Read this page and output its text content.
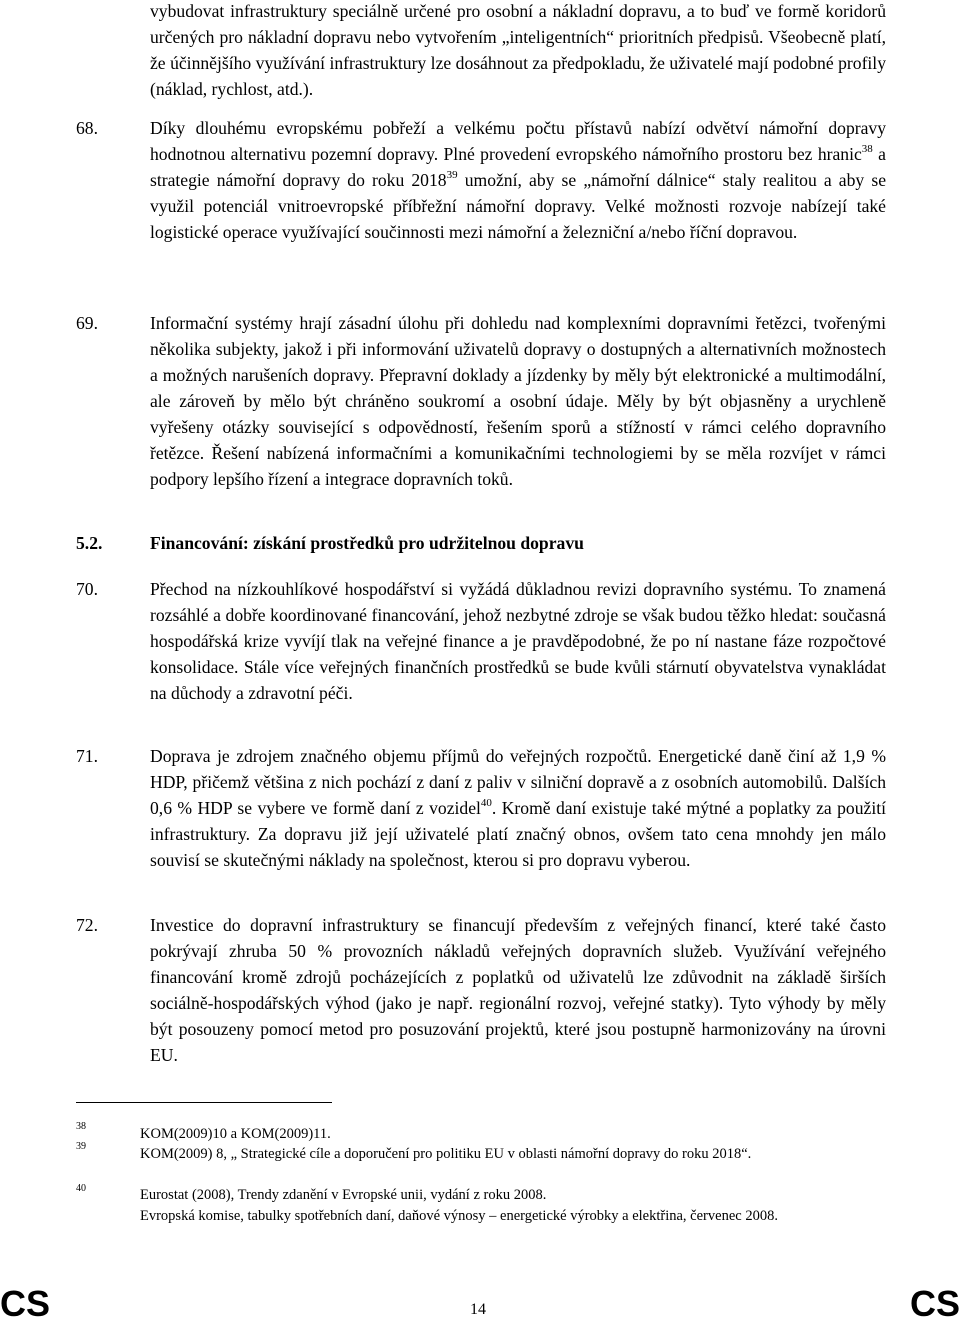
vybudovat infrastruktury speciálně určené pro osobní a nákladní dopravu, a to buď ve formě koridorů určených pro nákladní dopravu nebo vytvořením „inteligentních“ prioritních předpisů. Všeobecně platí, že účinnějšího využívání infrastruktury lze dosáhnout za předpokladu, že uživatelé mají podobné profily (náklad, rychlost, atd.).

68.	Díky dlouhému evropskému pobřeží a velkému počtu přístavů nabízí odvětví námořní dopravy hodnotnou alternativu pozemní dopravy. Plné provedení evropského námořního prostoru bez hranic$^{38}$ a strategie námořní dopravy do roku 2018$^{39}$ umožní, aby se „námořní dálnice“ staly realitou a aby se využil potenciál vnitroevropské příbřežní námořní dopravy. Velké možnosti rozvoje nabízejí také logistické operace využívající součinnosti mezi námořní a železniční a/nebo říční dopravou.

69.	Informační systémy hrají zásadní úlohu při dohledu nad komplexními dopravními řetězci, tvořenými několika subjekty, jakož i při informování uživatelů dopravy o dostupných a alternativních možnostech a možných narušeních dopravy. Přepravní doklady a jízdenky by měly být elektronické a multimodální, ale zároveň by mělo být chráněno soukromí a osobní údaje. Měly by být objasněny a urychleně vyřešeny otázky související s odpovědností, řešením sporů a stížností v rámci celého dopravního řetězce. Řešení nabízená informačními a komunikačními technologiemi by se měla rozvíjet v rámci podpory lepšího řízení a integrace dopravních toků.

5.2.	Financování: získání prostředků pro udržitelnou dopravu
70.	Přechod na nízkouhlíkové hospodářství si vyžádá důkladnou revizi dopravního systému. To znamená rozsáhlé a dobře koordinované financování, jehož nezbytné zdroje se však budou těžko hledat: současná hospodářská krize vyvíjí tlak na veřejné finance a je pravděpodobné, že po ní nastane fáze rozpočtové konsolidace. Stále více veřejných finančních prostředků se bude kvůli stárnutí obyvatelstva vynakládat na důchody a zdravotní péči.

71.	Doprava je zdrojem značného objemu příjmů do veřejných rozpočtů. Energetické daně činí až 1,9 % HDP, přičemž většina z nich pochází z daní z paliv v silniční dopravě a z osobních automobilů. Dalších 0,6 % HDP se vybere ve formě daní z vozidel$^{40}$. Kromě daní existuje také mýtné a poplatky za použití infrastruktury. Za dopravu již její uživatelé platí značný obnos, ovšem tato cena mnohdy jen málo souvisí se skutečnými náklady na společnost, kterou si pro dopravu vyberou.

72.	Investice do dopravní infrastruktury se financují především z veřejných financí, které také často pokrývají zhruba 50 % provozních nákladů veřejných dopravních služeb. Využívání veřejného financování kromě zdrojů pocházejících z poplatků od uživatelů lze zdůvodnit na základě širších sociálně-hospodářských výhod (jako je např. regionální rozvoj, veřejné statky). Tyto výhody by měly být posouzeny pomocí metod pro posuzování projektů, které jsou postupně harmonizovány na úrovni EU.

38	KOM(2009)10 a KOM(2009)11.

39	KOM(2009) 8, „ Strategické cíle a doporučení pro politiku EU v oblasti námořní dopravy do roku 2018“.

40	Eurostat (2008), Trendy zdanění v Evropské unii, vydání z roku 2008.

Evropská komise, tabulky spotřebních daní, daňové výnosy – energetické výrobky a elektřina, červenec 2008.

CS	14	CS
